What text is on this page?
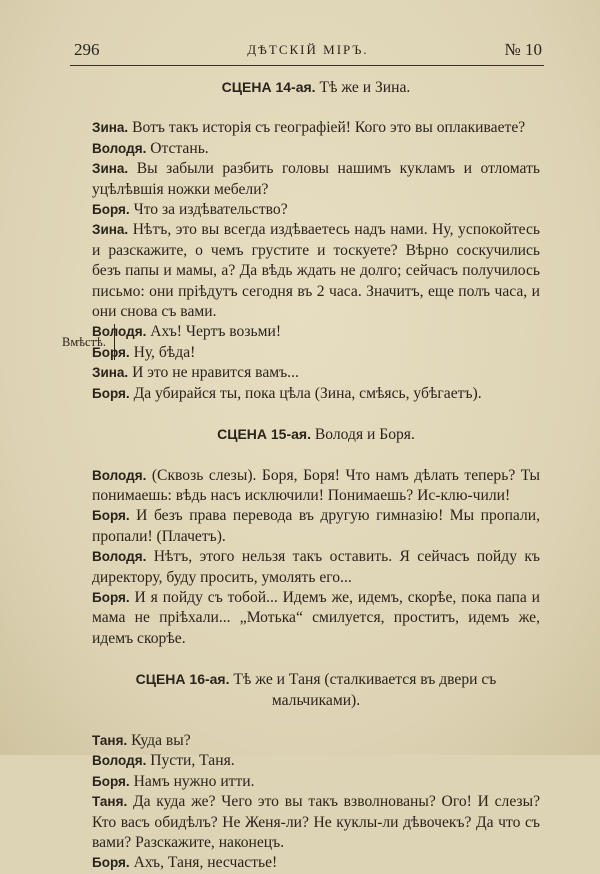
296	ДѢТСКІЙ МІРЪ.	№ 10

СЦЕНА 14-ая. Тѣ же и Зина.

Зина. Вотъ такъ исторія съ географіей! Кого это вы оплакиваете?

Володя. Отстань.

Зина. Вы забыли разбить головы нашимъ кукламъ и отломать уцѣлѣвшія ножки мебели?

Боря. Что за издѣвательство?

Зина. Нѣтъ, это вы всегда издѣваетесь надъ нами. Ну, успокойтесь и разскажите, о чемъ грустите и тоскуете? Вѣрно соскучились безъ папы и мамы, а? Да вѣдь ждать не долго; сейчасъ получилось письмо: они пріѣдутъ сегодня въ 2 часа. Значитъ, еще полъ часа, и они снова съ вами.

Вмѣстѣ.

Володя. Ахъ! Чертъ возьми!

Боря. Ну, бѣда!

Зина. И это не нравится вамъ...

Боря. Да убирайся ты, пока цѣла (Зина, смѣясь, убѣгаетъ).

СЦЕНА 15-ая. Володя и Боря.

Володя. (Сквозь слезы). Боря, Боря! Что намъ дѣлать теперь? Ты понимаешь: вѣдь насъ исключили! Понимаешь? Ис-клю-чили!

Боря. И безъ права перевода въ другую гимназію! Мы пропали, пропали! (Плачетъ).

Володя. Нѣтъ, этого нельзя такъ оставить. Я сейчасъ пойду къ директору, буду просить, умолять его...

Боря. И я пойду съ тобой... Идемъ же, идемъ, скорѣе, пока папа и мама не пріѣхали... „Мотька“ смилуется, проститъ, идемъ же, идемъ скорѣе.

СЦЕНА 16-ая. Тѣ же и Таня (сталкивается въ двери съ мальчиками).

Таня. Куда вы?

Володя. Пусти, Таня.

Боря. Намъ нужно итти.

Таня. Да куда же? Чего это вы такъ взволнованы? Ого! И слезы? Кто васъ обидѣлъ? Не Женя-ли? Не куклы-ли дѣвочекъ? Да что съ вами? Разскажите, наконецъ.

Боря. Ахъ, Таня, несчастье!
